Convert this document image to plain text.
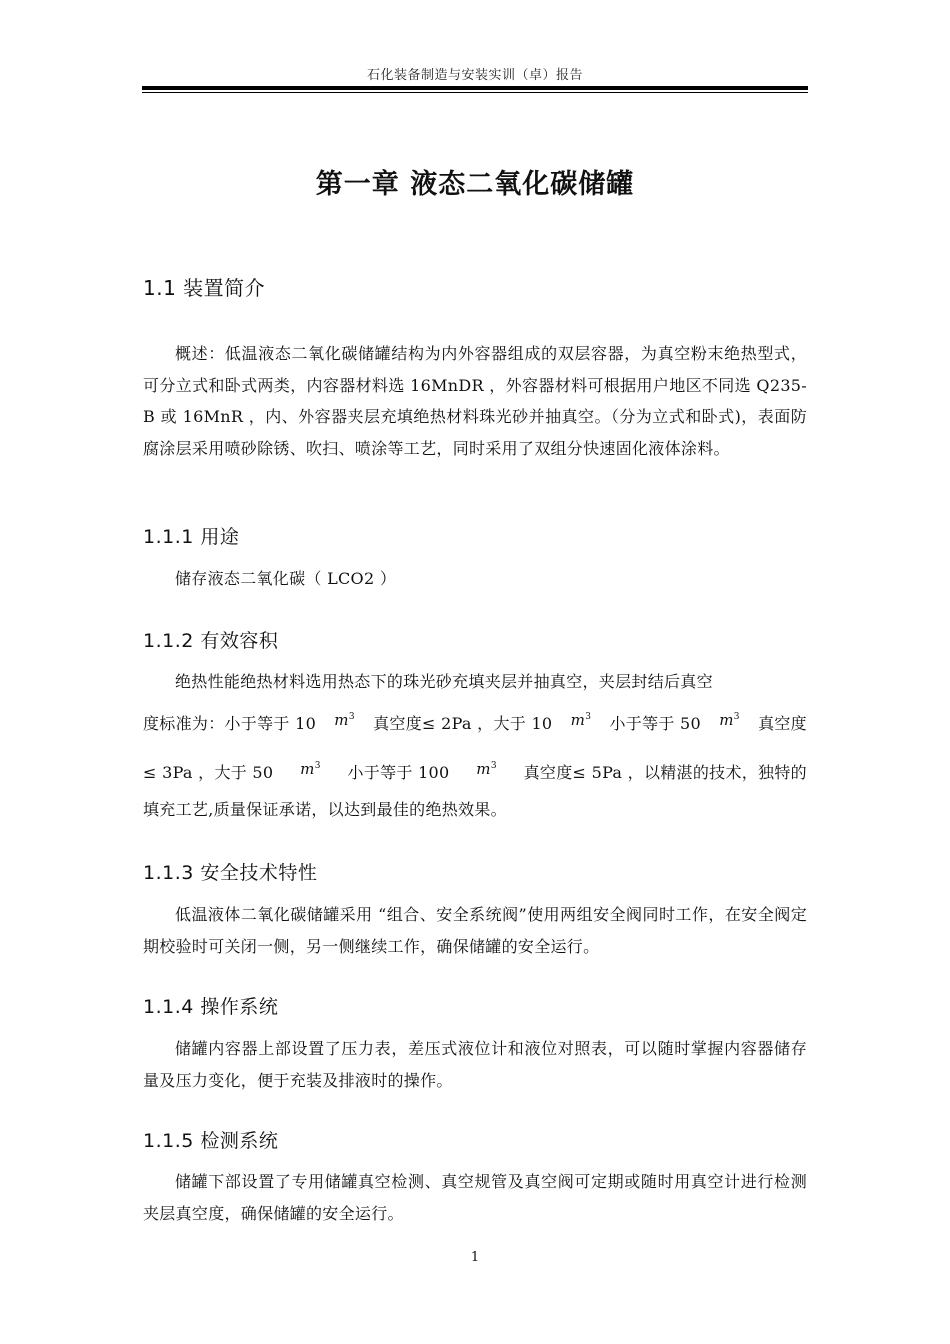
石化装备制造与安装实训（卓）报告
第一章 液态二氧化碳储罐
1.1 装置简介
概述：低温液态二氧化碳储罐结构为内外容器组成的双层容器，为真空粉末绝热型式，可分立式和卧式两类，内容器材料选 16MnDR ，外容器材料可根据用户地区不同选 Q235-B 或 16MnR ，内、外容器夹层充填绝热材料珠光砂并抽真空。（分为立式和卧式)，表面防腐涂层采用喷砂除锈、吹扫、喷涂等工艺，同时采用了双组分快速固化液体涂料。
1.1.1 用途
储存液态二氧化碳（ LCO2 ）
1.1.2 有效容积
绝热性能绝热材料选用热态下的珠光砂充填夹层并抽真空，夹层封结后真空
度标准为：小于等于 10 $m^3$ 真空度≤ 2Pa ，大于 10 $m^3$ 小于等于 50 $m^3$ 真空度
≤ 3Pa ，大于 50 $m^3$ 小于等于 100 $m^3$ 真空度≤ 5Pa ，以精湛的技术，独特的
填充工艺,质量保证承诺，以达到最佳的绝热效果。
1.1.3 安全技术特性
低温液体二氧化碳储罐采用 “组合、安全系统阀”使用两组安全阀同时工作，在安全阀定期校验时可关闭一侧，另一侧继续工作，确保储罐的安全运行。
1.1.4 操作系统
储罐内容器上部设置了压力表，差压式液位计和液位对照表，可以随时掌握内容器储存量及压力变化，便于充装及排液时的操作。
1.1.5 检测系统
储罐下部设置了专用储罐真空检测、真空规管及真空阀可定期或随时用真空计进行检测夹层真空度，确保储罐的安全运行。
1
